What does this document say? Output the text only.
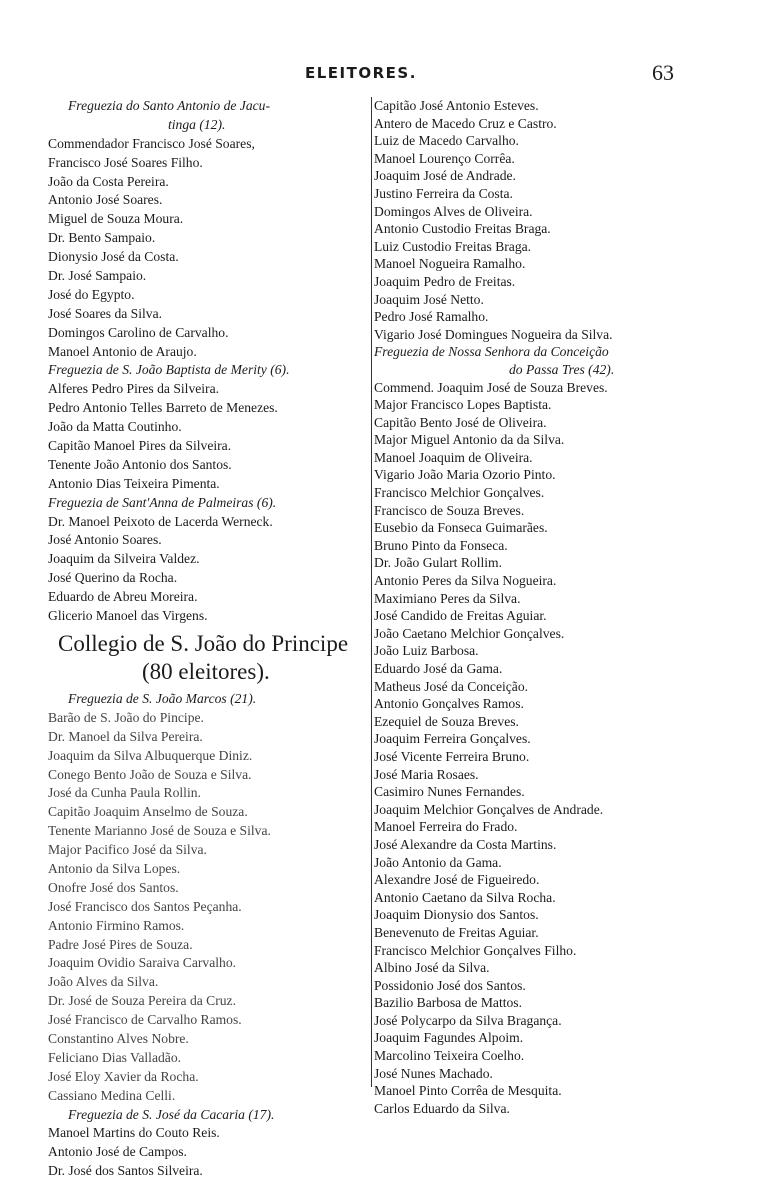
ELEITORES.	63
Freguezia do Santo Antonio de Jacu-
tinga (12).
Commendador Francisco José Soares,
Francisco José Soares Filho.
João da Costa Pereira.
Antonio José Soares.
Miguel de Souza Moura.
Dr. Bento Sampaio.
Dionysio José da Costa.
Dr. José Sampaio.
José do Egypto.
José Soares da Silva.
Domingos Carolino de Carvalho.
Manoel Antonio de Araujo.
Freguezia de S. João Baptista de Merity (6).
Alferes Pedro Pires da Silveira.
Pedro Antonio Telles Barreto de Menezes.
João da Matta Coutinho.
Capitão Manoel Pires da Silveira.
Tenente João Antonio dos Santos.
Antonio Dias Teixeira Pimenta.
Freguezia de Sant'Anna de Palmeiras (6).
Dr. Manoel Peixoto de Lacerda Werneck.
José Antonio Soares.
Joaquim da Silveira Valdez.
José Querino da Rocha.
Eduardo de Abreu Moreira.
Glicerio Manoel das Virgens.
Collegio de S. João do Principe
(80 eleitores).
Freguezia de S. João Marcos (21).
Barão de S. João do Pincipe.
Dr. Manoel da Silva Pereira.
Joaquim da Silva Albuquerque Diniz.
Conego Bento João de Souza e Silva.
José da Cunha Paula Rollin.
Capitão Joaquim Anselmo de Souza.
Tenente Marianno José de Souza e Silva.
Major Pacifico José da Silva.
Antonio da Silva Lopes.
Onofre José dos Santos.
José Francisco dos Santos Peçanha.
Antonio Firmino Ramos.
Padre José Pires de Souza.
Joaquim Ovidio Saraiva Carvalho.
João Alves da Silva.
Dr. José de Souza Pereira da Cruz.
José Francisco de Carvalho Ramos.
Constantino Alves Nobre.
Feliciano Dias Valladão.
José Eloy Xavier da Rocha.
Cassiano Medina Celli.
Freguezia de S. José da Cacaria (17).
Manoel Martins do Couto Reis.
Antonio José de Campos.
Dr. José dos Santos Silveira.
Capitão José Antonio Esteves.
Antero de Macedo Cruz e Castro.
Luiz de Macedo Carvalho.
Manoel Lourenço Corrêa.
Joaquim José de Andrade.
Justino Ferreira da Costa.
Domingos Alves de Oliveira.
Antonio Custodio Freitas Braga.
Luiz Custodio Freitas Braga.
Manoel Nogueira Ramalho.
Joaquim Pedro de Freitas.
Joaquim José Netto.
Pedro José Ramalho.
Vigario José Domingues Nogueira da Silva.
Freguezia de Nossa Senhora da Conceição
do Passa Tres (42).
Commend. Joaquim José de Souza Breves.
Major Francisco Lopes Baptista.
Capitão Bento José de Oliveira.
Major Miguel Antonio da da Silva.
Manoel Joaquim de Oliveira.
Vigario João Maria Ozorio Pinto.
Francisco Melchior Gonçalves.
Francisco de Souza Breves.
Eusebio da Fonseca Guimarães.
Bruno Pinto da Fonseca.
Dr. João Gulart Rollim.
Antonio Peres da Silva Nogueira.
Maximiano Peres da Silva.
José Candido de Freitas Aguiar.
João Caetano Melchior Gonçalves.
João Luiz Barbosa.
Eduardo José da Gama.
Matheus José da Conceição.
Antonio Gonçalves Ramos.
Ezequiel de Souza Breves.
Joaquim Ferreira Gonçalves.
José Vicente Ferreira Bruno.
José Maria Rosaes.
Casimiro Nunes Fernandes.
Joaquim Melchior Gonçalves de Andrade.
Manoel Ferreira do Frado.
José Alexandre da Costa Martins.
João Antonio da Gama.
Alexandre José de Figueiredo.
Antonio Caetano da Silva Rocha.
Joaquim Dionysio dos Santos.
Benevenuto de Freitas Aguiar.
Francisco Melchior Gonçalves Filho.
Albino José da Silva.
Possidonio José dos Santos.
Bazilio Barbosa de Mattos.
José Polycarpo da Silva Bragança.
Joaquim Fagundes Alpoim.
Marcolino Teixeira Coelho.
José Nunes Machado.
Manoel Pinto Corrêa de Mesquita.
Carlos Eduardo da Silva.
